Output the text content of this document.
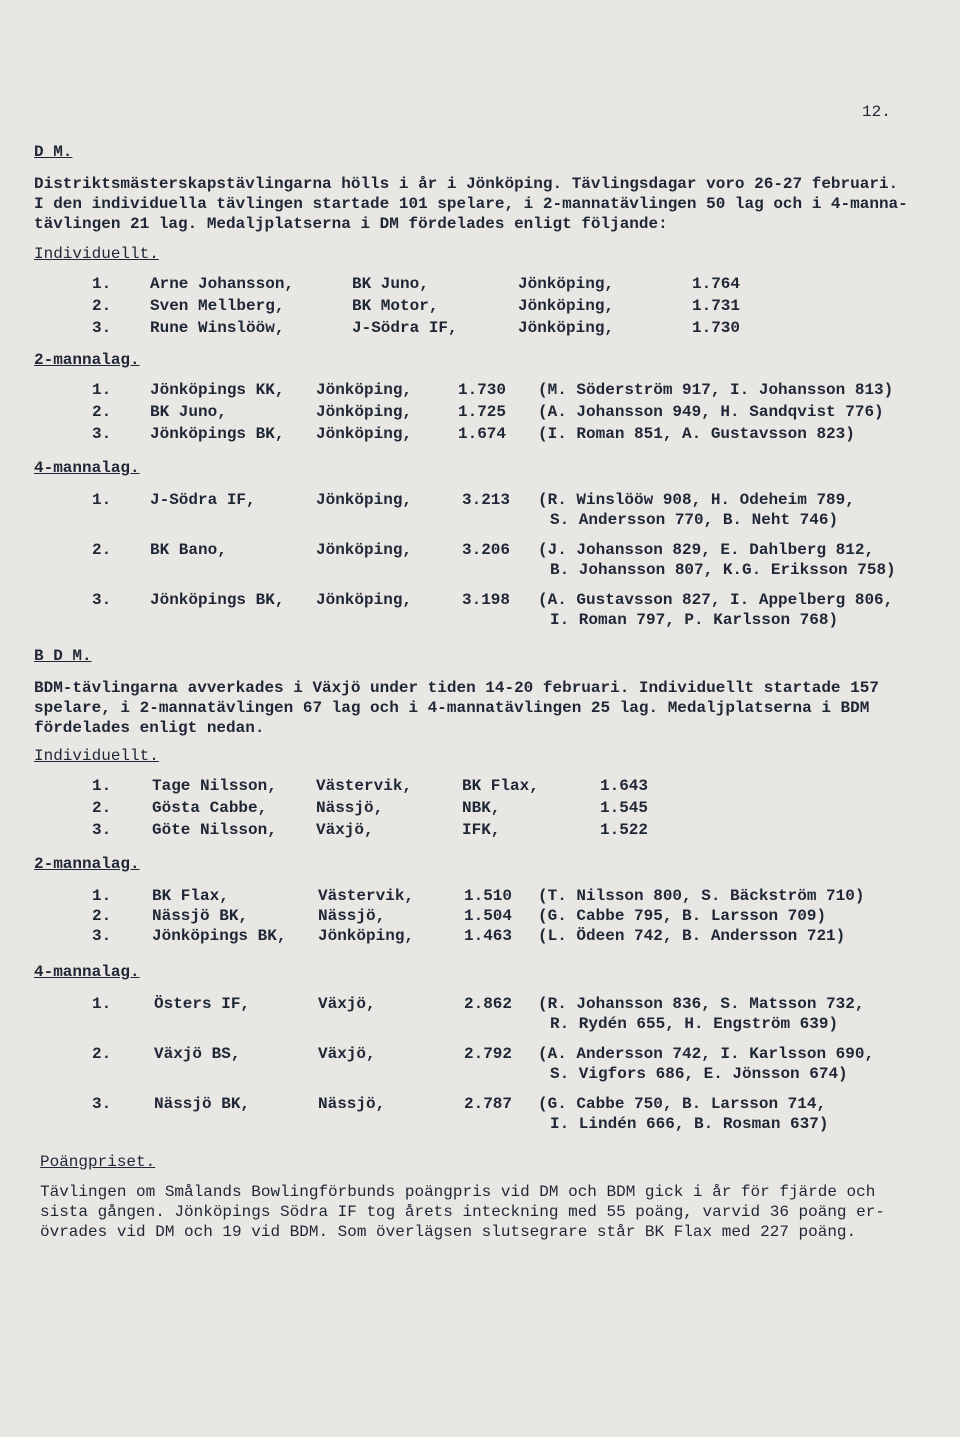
12.
D M.
Distriktsmästerskapstävlingarna hölls i år i Jönköping. Tävlingsdagar voro 26-27 februari.
I den individuella tävlingen startade 101 spelare, i 2-mannatävlingen 50 lag och i 4-manna-
tävlingen 21 lag. Medaljplatserna i DM fördelades enligt följande:
Individuellt.
1. Arne Johansson,	BK Juno,	Jönköping,	1.764
2. Sven Mellberg,	BK Motor,	Jönköping,	1.731
3. Rune Winslööw,	J-Södra IF,	Jönköping,	1.730
2-mannalag.
1. Jönköpings KK, Jönköping,	1.730 (M. Söderström 917, I. Johansson 813)
2. BK Juno,	Jönköping,	1.725 (A. Johansson 949, H. Sandqvist 776)
3. Jönköpings BK, Jönköping,	1.674 (I. Roman 851, A. Gustavsson 823)
4-mannalag.
1. J-Södra IF,	Jönköping,	3.213 (R. Winslööw 908, H. Odeheim 789,
S. Andersson 770, B. Neht 746)
2. BK Bano,	Jönköping,	3.206 (J. Johansson 829, E. Dahlberg 812,
B. Johansson 807, K.G. Eriksson 758)
3. Jönköpings BK, Jönköping,	3.198 (A. Gustavsson 827, I. Appelberg 806,
I. Roman 797, P. Karlsson 768)
B D M.
BDM-tävlingarna avverkades i Växjö under tiden 14-20 februari. Individuellt startade 157
spelare, i 2-mannatävlingen 67 lag och i 4-mannatävlingen 25 lag. Medaljplatserna i BDM
fördelades enligt nedan.
Individuellt.
1.	Tage Nilsson, Västervik,	BK Flax,	1.643
2.	Gösta Cabbe,	Nässjö,	NBK,	1.545
3.	Göte Nilsson, Växjö,	IFK,	1.522
2-mannalag.
1.	BK Flax,	Västervik,	1.510 (T. Nilsson 800, S. Bäckström 710)
2.	Nässjö BK,	Nässjö,	1.504 (G. Cabbe 795, B. Larsson 709)
3.	Jönköpings BK, Jönköping,	1.463 (L. Ödeen 742, B. Andersson 721)
4-mannalag.
1.	Östers IF,	Växjö,	2.862 (R. Johansson 836, S. Matsson 732,
R. Rydén 655, H. Engström 639)
2.	Växjö BS,	Växjö,	2.792 (A. Andersson 742, I. Karlsson 690,
S. Vigfors 686, E. Jönsson 674)
3.	Nässjö BK,	Nässjö,	2.787 (G. Cabbe 750, B. Larsson 714,
I. Lindén 666, B. Rosman 637)
Poängpriset.
Tävlingen om Smålands Bowlingförbunds poängpris vid DM och BDM gick i år för fjärde och
sista gången. Jönköpings Södra IF tog årets inteckning med 55 poäng, varvid 36 poäng er-
övrades vid DM och 19 vid BDM. Som överlägsen slutsegrare står BK Flax med 227 poäng.
